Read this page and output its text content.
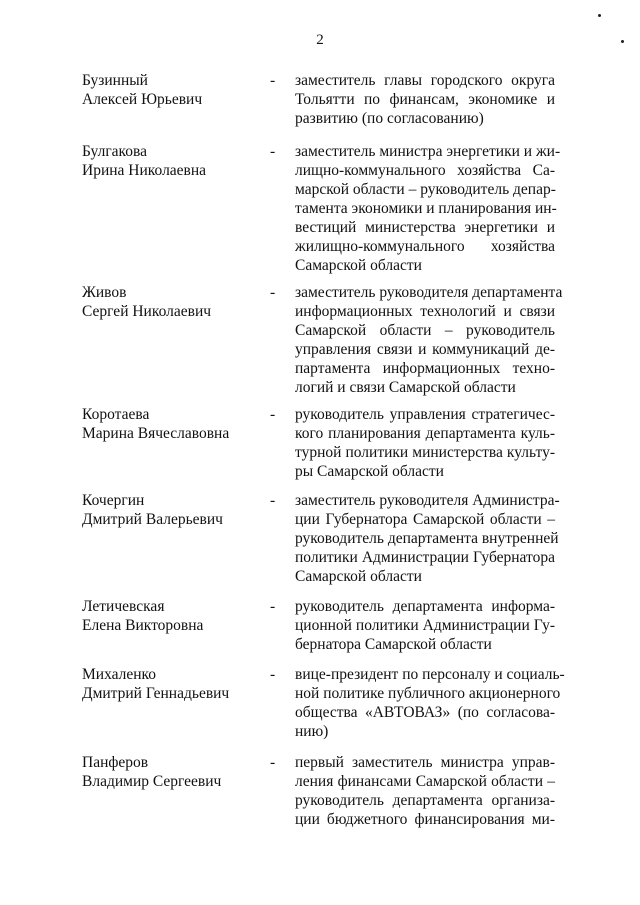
2
Бузинный
Алексей Юрьевич
- заместитель главы городского округа
Тольятти по финансам, экономике и
развитию (по согласованию)
Булгакова
Ирина Николаевна
- заместитель министра энергетики и жи-
лищно-коммунального хозяйства Са-
марской области – руководитель депар-
тамента экономики и планирования ин-
вестиций министерства энергетики и
жилищно-коммунального хозяйства
Самарской области
Живов
Сергей Николаевич
- заместитель руководителя департамента
информационных технологий и связи
Самарской области – руководитель
управления связи и коммуникаций де-
партамента информационных техно-
логий и связи Самарской области
Коротаева
Марина Вячеславовна
- руководитель управления стратегичес-
кого планирования департамента куль-
турной политики министерства культу-
ры Самарской области
Кочергин
Дмитрий Валерьевич
- заместитель руководителя Администра-
ции Губернатора Самарской области –
руководитель департамента внутренней
политики Администрации Губернатора
Самарской области
Летичевская
Елена Викторовна
- руководитель департамента информа-
ционной политики Администрации Гу-
бернатора Самарской области
Михаленко
Дмитрий Геннадьевич
- вице-президент по персоналу и социаль-
ной политике публичного акционерного
общества «АВТОВАЗ» (по согласова-
нию)
Панферов
Владимир Сергеевич
- первый заместитель министра управ-
ления финансами Самарской области –
руководитель департамента организа-
ции бюджетного финансирования ми-
